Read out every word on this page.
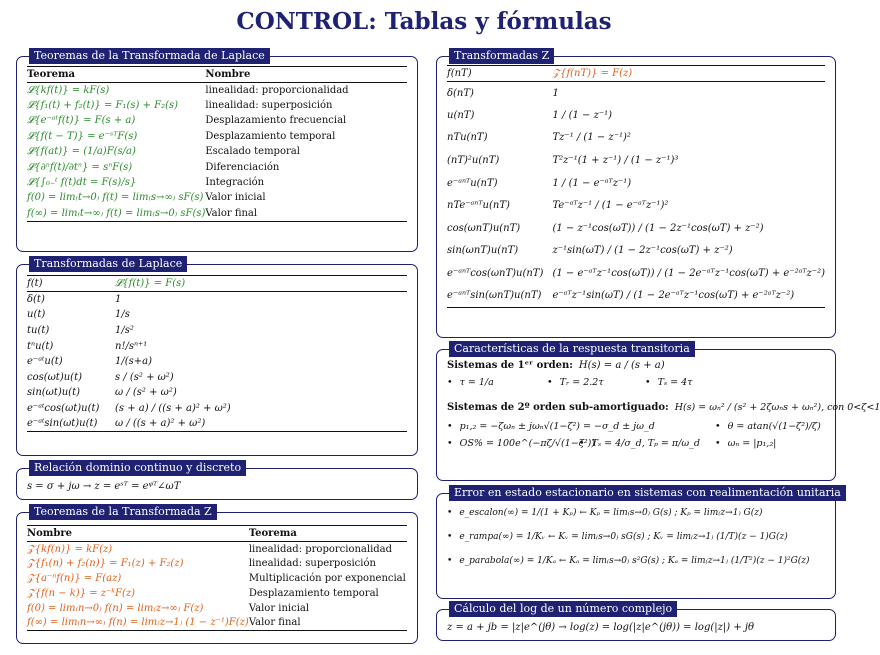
CONTROL: Tablas y fórmulas
Teoremas de la Transformada de Laplace
Teorema	Nombre
𝓛{kf(t)} = kF(s)	linealidad: proporcionalidad
𝓛{f₁(t) + f₂(t)} = F₁(s) + F₂(s)	linealidad: superposición
𝓛{e⁻ᵃᵗf(t)} = F(s + a)	Desplazamiento frecuencial
𝓛{f(t − T)} = e⁻ˢᵀF(s)	Desplazamiento temporal
𝓛{f(at)} = (1/a)F(s/a)	Escalado temporal
𝓛{∂ⁿf(t)/∂tⁿ} = sⁿF(s)	Diferenciación
𝓛{∫₀₋ᵗ f(t)dt = F(s)/s}	Integración
f(0) = lim₍t→0₎ f(t) = lim₍s→∞₎ sF(s)	Valor inicial
f(∞) = lim₍t→∞₎ f(t) = lim₍s→0₎ sF(s)	Valor final
Transformadas de Laplace
f(t)	𝓛{f(t)} = F(s)
δ(t)	1
u(t)	1/s
tu(t)	1/s²
tⁿu(t)	n!/sⁿ⁺¹
e⁻ᵃᵗu(t)	1/(s+a)
cos(ωt)u(t)	s / (s² + ω²)
sin(ωt)u(t)	ω / (s² + ω²)
e⁻ᵃᵗcos(ωt)u(t)	(s + a) / ((s + a)² + ω²)
e⁻ᵃᵗsin(ωt)u(t)	ω / ((s + a)² + ω²)
Relación dominio continuo y discreto
s = σ + jω → z = eˢᵀ = eᵠᵀ∠ωT
Teoremas de la Transformada Z
Nombre	Teorema
𝒵{kf(n)} = kF(z)	linealidad: proporcionalidad
𝒵{f₁(n) + f₂(n)} = F₁(z) + F₂(z)	linealidad: superposición
𝒵{a⁻ⁿf(n)} = F(az)	Multiplicación por exponencial
𝒵{f(n − k)} = z⁻ᵏF(z)	Desplazamiento temporal
f(0) = lim₍n→0₎ f(n) = lim₍z→∞₎ F(z)	Valor inicial
f(∞) = lim₍n→∞₎ f(n) = lim₍z→1₎ (1 − z⁻¹)F(z)	Valor final
Transformadas Z
f(nT)	𝒵{f(nT)} = F(z)
δ(nT)	1
u(nT)	1 / (1 − z⁻¹)
nTu(nT)	Tz⁻¹ / (1 − z⁻¹)²
(nT)²u(nT)	T²z⁻¹(1 + z⁻¹) / (1 − z⁻¹)³
e⁻ᵃⁿᵀu(nT)	1 / (1 − e⁻ᵃᵀz⁻¹)
nTe⁻ᵃⁿᵀu(nT)	Te⁻ᵃᵀz⁻¹ / (1 − e⁻ᵃᵀz⁻¹)²
cos(ωnT)u(nT)	(1 − z⁻¹cos(ωT)) / (1 − 2z⁻¹cos(ωT) + z⁻²)
sin(ωnT)u(nT)	z⁻¹sin(ωT) / (1 − 2z⁻¹cos(ωT) + z⁻²)
e⁻ᵃⁿᵀcos(ωnT)u(nT)	(1 − e⁻ᵃᵀz⁻¹cos(ωT)) / (1 − 2e⁻ᵃᵀz⁻¹cos(ωT) + e⁻²ᵃᵀz⁻²)
e⁻ᵃⁿᵀsin(ωnT)u(nT)	e⁻ᵃᵀz⁻¹sin(ωT) / (1 − 2e⁻ᵃᵀz⁻¹cos(ωT) + e⁻²ᵃᵀz⁻²)
Características de la respuesta transitoria
Sistemas de 1ᵉʳ orden: H(s) = a / (s + a)
• τ = 1/a	• Tᵣ = 2.2τ	• Tₛ = 4τ
Sistemas de 2º orden sub-amortiguado: H(s) = ωₙ² / (s² + 2ζωₙs + ωₙ²), con 0<ζ<1
• p₁,₂ = −ζωₙ ± jωₙ√(1−ζ²) = −σ_d ± jω_d	• θ = atan(√(1−ζ²)/ζ)
• OS% = 100e^(−πζ/√(1−ζ²))
• Tₛ = 4/σ_d, Tₚ = π/ω_d	• ωₙ = |p₁,₂|
Error en estado estacionario en sistemas con realimentación unitaria
• e_escalon(∞) = 1/(1 + Kₚ) ← Kₚ = lim₍s→0₎ G(s) ; Kₚ = lim₍z→1₎ G(z)
• e_rampa(∞) = 1/Kᵥ ← Kᵥ = lim₍s→0₎ sG(s) ; Kᵥ = lim₍z→1₎ (1/T)(z − 1)G(z)
• e_parabola(∞) = 1/Kₐ ← Kₐ = lim₍s→0₎ s²G(s) ; Kₐ = lim₍z→1₎ (1/T²)(z − 1)²G(z)
Cálculo del log de un número complejo
z = a + jb = |z|e^(jθ) → log(z) = log(|z|e^(jθ)) = log(|z|) + jθ
